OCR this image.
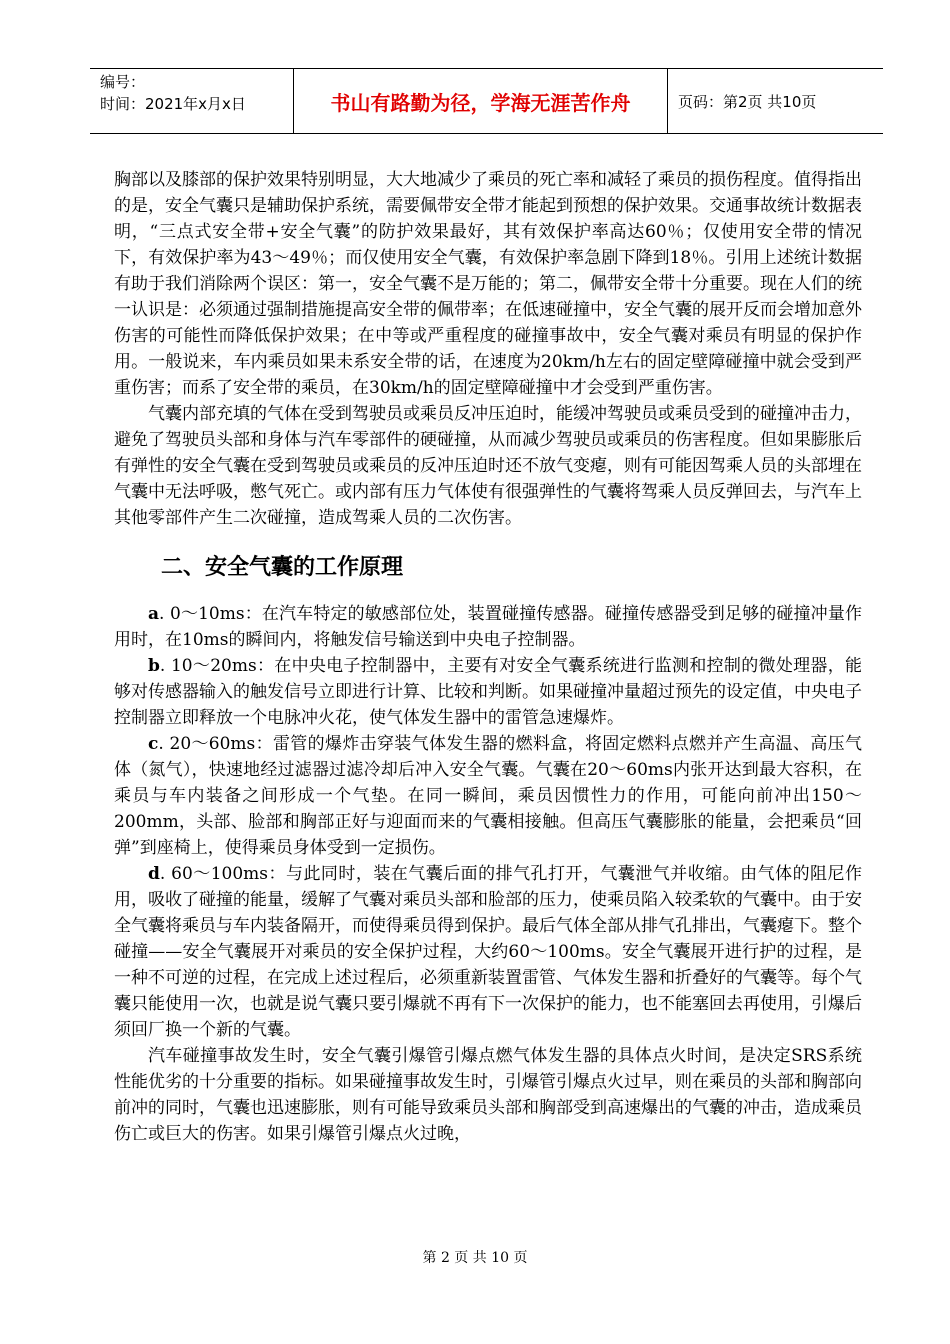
编号：
时间：2021年x月x日	书山有路勤为径，学海无涯苦作舟	页码：第2页 共10页

胸部以及膝部的保护效果特别明显，大大地减少了乘员的死亡率和减轻了乘员的损伤程度。值得指出的是，安全气囊只是辅助保护系统，需要佩带安全带才能起到预想的保护效果。交通事故统计数据表明，“三点式安全带+安全气囊”的防护效果最好，其有效保护率高达60％；仅使用安全带的情况下，有效保护率为43～49％；而仅使用安全气囊，有效保护率急剧下降到18％。引用上述统计数据有助于我们消除两个误区：第一，安全气囊不是万能的；第二，佩带安全带十分重要。现在人们的统一认识是：必须通过强制措施提高安全带的佩带率；在低速碰撞中，安全气囊的展开反而会增加意外伤害的可能性而降低保护效果；在中等或严重程度的碰撞事故中，安全气囊对乘员有明显的保护作用。一般说来，车内乘员如果未系安全带的话，在速度为20km/h左右的固定壁障碰撞中就会受到严重伤害；而系了安全带的乘员，在30km/h的固定壁障碰撞中才会受到严重伤害。

气囊内部充填的气体在受到驾驶员或乘员反冲压迫时，能缓冲驾驶员或乘员受到的碰撞冲击力，避免了驾驶员头部和身体与汽车零部件的硬碰撞，从而减少驾驶员或乘员的伤害程度。但如果膨胀后有弹性的安全气囊在受到驾驶员或乘员的反冲压迫时还不放气变瘪，则有可能因驾乘人员的头部埋在气囊中无法呼吸，憋气死亡。或内部有压力气体使有很强弹性的气囊将驾乘人员反弹回去，与汽车上其他零部件产生二次碰撞，造成驾乘人员的二次伤害。

二、安全气囊的工作原理

a. 0～10ms：在汽车特定的敏感部位处，装置碰撞传感器。碰撞传感器受到足够的碰撞冲量作用时，在10ms的瞬间内，将触发信号输送到中央电子控制器。

b. 10～20ms：在中央电子控制器中，主要有对安全气囊系统进行监测和控制的微处理器，能够对传感器输入的触发信号立即进行计算、比较和判断。如果碰撞冲量超过预先的设定值，中央电子控制器立即释放一个电脉冲火花，使气体发生器中的雷管急速爆炸。

c. 20～60ms：雷管的爆炸击穿装气体发生器的燃料盒，将固定燃料点燃并产生高温、高压气体（氮气），快速地经过滤器过滤冷却后冲入安全气囊。气囊在20～60ms内张开达到最大容积，在乘员与车内装备之间形成一个气垫。在同一瞬间，乘员因惯性力的作用，可能向前冲出150～200mm，头部、脸部和胸部正好与迎面而来的气囊相接触。但高压气囊膨胀的能量，会把乘员“回弹”到座椅上，使得乘员身体受到一定损伤。

d. 60～100ms：与此同时，装在气囊后面的排气孔打开，气囊泄气并收缩。由气体的阻尼作用，吸收了碰撞的能量，缓解了气囊对乘员头部和脸部的压力，使乘员陷入较柔软的气囊中。由于安全气囊将乘员与车内装备隔开，而使得乘员得到保护。最后气体全部从排气孔排出，气囊瘪下。整个碰撞——安全气囊展开对乘员的安全保护过程，大约60～100ms。安全气囊展开进行护的过程，是一种不可逆的过程，在完成上述过程后，必须重新装置雷管、气体发生器和折叠好的气囊等。每个气囊只能使用一次，也就是说气囊只要引爆就不再有下一次保护的能力，也不能塞回去再使用，引爆后须回厂换一个新的气囊。

汽车碰撞事故发生时，安全气囊引爆管引爆点燃气体发生器的具体点火时间，是决定SRS系统性能优劣的十分重要的指标。如果碰撞事故发生时，引爆管引爆点火过早，则在乘员的头部和胸部向前冲的同时，气囊也迅速膨胀，则有可能导致乘员头部和胸部受到高速爆出的气囊的冲击，造成乘员伤亡或巨大的伤害。如果引爆管引爆点火过晚，

第 2 页 共 10 页
